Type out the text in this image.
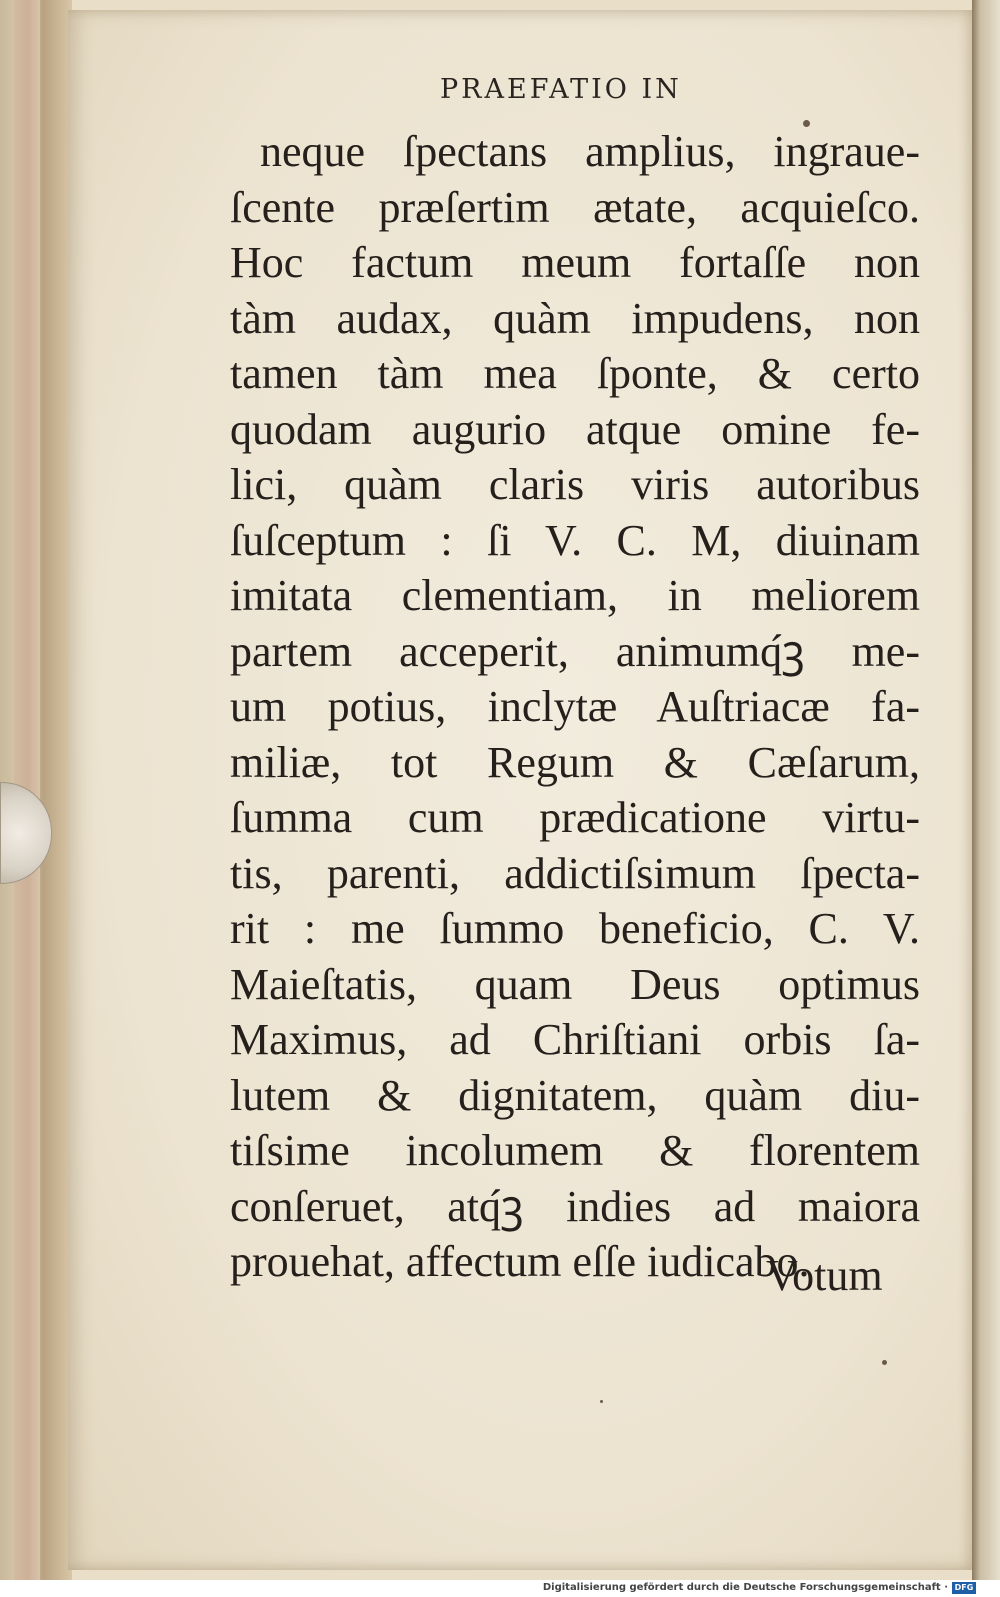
PRAEFATIO IN
neque ſpectans amplius, ingraue-
ſcente præſertim ætate, acquieſco.
Hoc factum meum fortaſſe non
tàm audax, quàm impudens, non
tamen tàm mea ſponte, & certo
quodam augurio atque omine fe-
lici, quàm claris viris autoribus
ſuſceptum : ſi V. C. M, diuinam
imitata clementiam, in meliorem
partem acceperit, animumq́ꝫ me-
um potius, inclytæ Auſtriacæ fa-
miliæ, tot Regum & Cæſarum,
ſumma cum prædicatione virtu-
tis, parenti, addictiſsimum ſpecta-
rit : me ſummo beneficio, C. V.
Maieſtatis, quam Deus optimus
Maximus, ad Chriſtiani orbis ſa-
lutem & dignitatem, quàm diu-
tiſsime incolumem & florentem
conſeruet, atq́ꝫ indies ad maiora
prouehat, affectum eſſe iudicabo.
Votum
Digitalisierung gefördert durch die Deutsche Forschungsgemeinschaft · DFG
